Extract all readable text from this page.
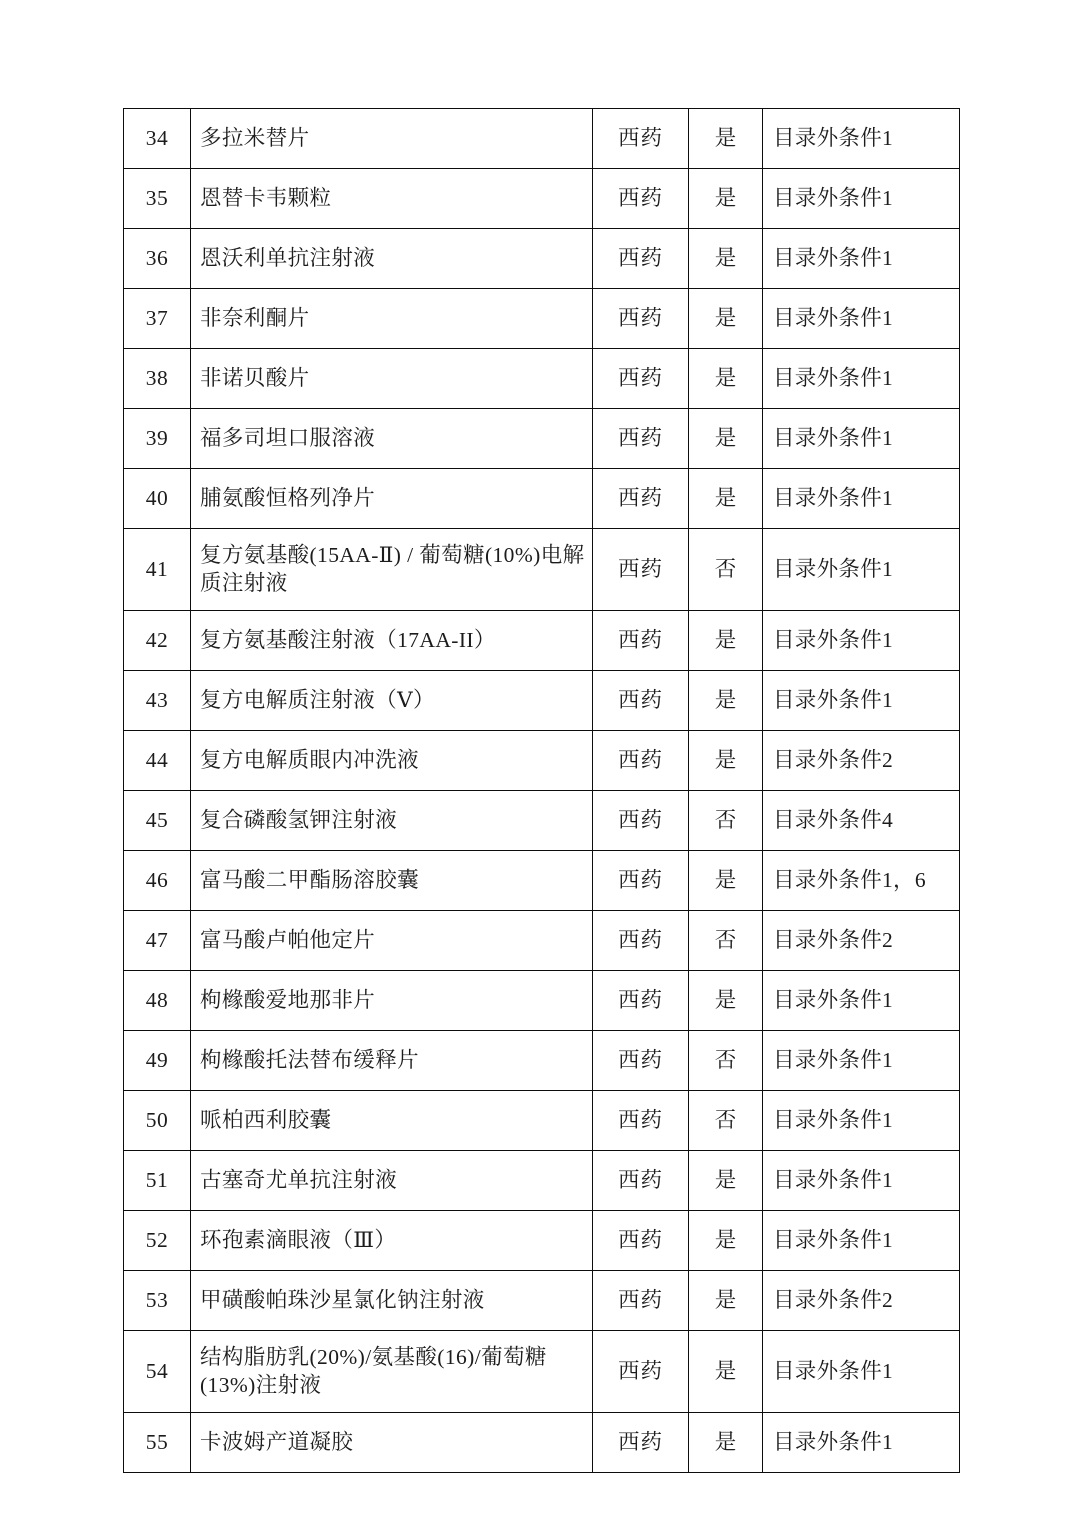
34	多拉米替片	西药	是	目录外条件1
35	恩替卡韦颗粒	西药	是	目录外条件1
36	恩沃利单抗注射液	西药	是	目录外条件1
37	非奈利酮片	西药	是	目录外条件1
38	非诺贝酸片	西药	是	目录外条件1
39	福多司坦口服溶液	西药	是	目录外条件1
40	脯氨酸恒格列净片	西药	是	目录外条件1
41	复方氨基酸(15AA-Ⅱ) / 葡萄糖(10%)电解质注射液	西药	否	目录外条件1
42	复方氨基酸注射液（17AA-II）	西药	是	目录外条件1
43	复方电解质注射液（Ⅴ）	西药	是	目录外条件1
44	复方电解质眼内冲洗液	西药	是	目录外条件2
45	复合磷酸氢钾注射液	西药	否	目录外条件4
46	富马酸二甲酯肠溶胶囊	西药	是	目录外条件1，6
47	富马酸卢帕他定片	西药	否	目录外条件2
48	枸橼酸爱地那非片	西药	是	目录外条件1
49	枸橼酸托法替布缓释片	西药	否	目录外条件1
50	哌柏西利胶囊	西药	否	目录外条件1
51	古塞奇尤单抗注射液	西药	是	目录外条件1
52	环孢素滴眼液（Ⅲ）	西药	是	目录外条件1
53	甲磺酸帕珠沙星氯化钠注射液	西药	是	目录外条件2
54	结构脂肪乳(20%)/氨基酸(16)/葡萄糖(13%)注射液	西药	是	目录外条件1
55	卡波姆产道凝胶	西药	是	目录外条件1
